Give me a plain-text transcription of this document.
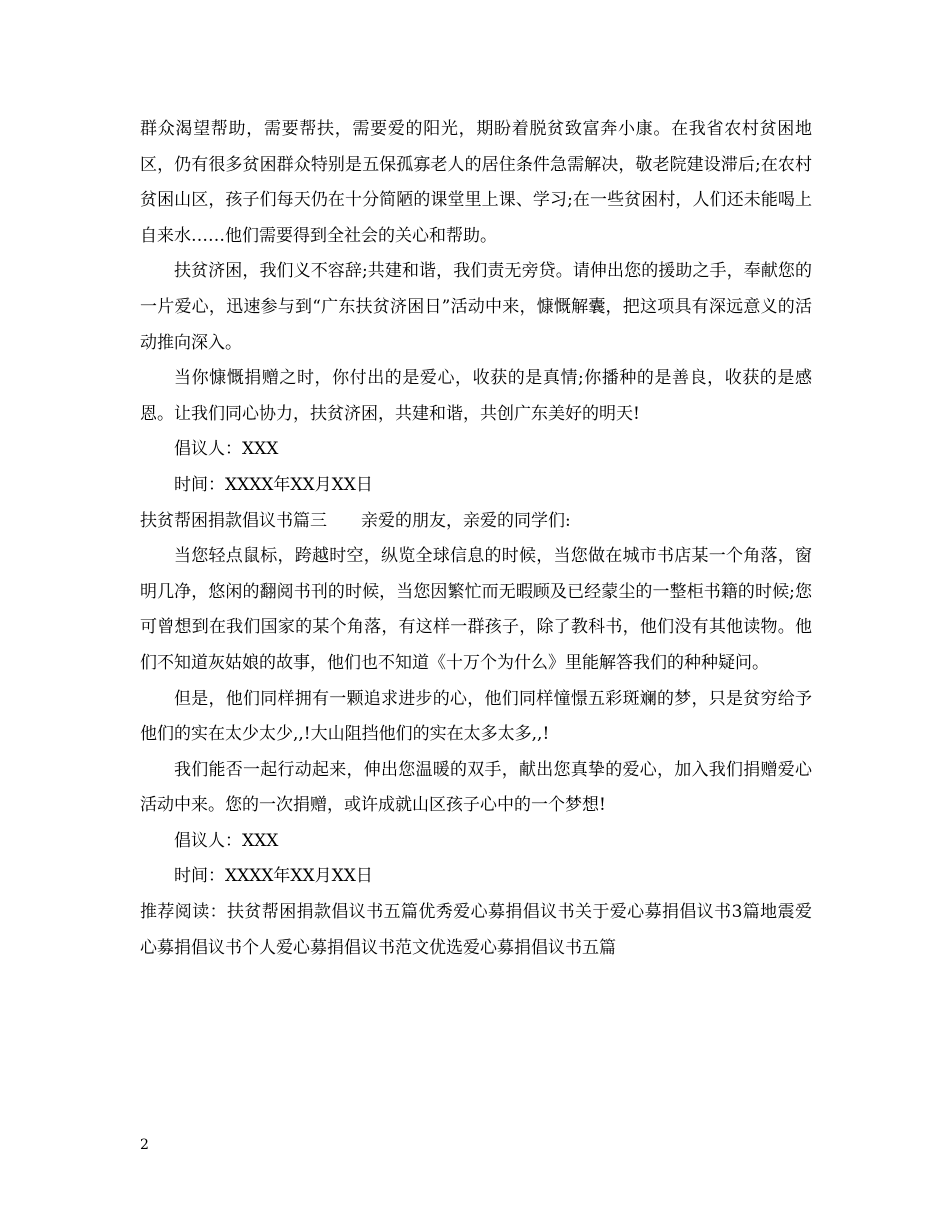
群众渴望帮助，需要帮扶，需要爱的阳光，期盼着脱贫致富奔小康。在我省农村贫困地区，仍有很多贫困群众特别是五保孤寡老人的居住条件急需解决，敬老院建设滞后;在农村贫困山区，孩子们每天仍在十分简陋的课堂里上课、学习;在一些贫困村，人们还未能喝上自来水……他们需要得到全社会的关心和帮助。

扶贫济困，我们义不容辞;共建和谐，我们责无旁贷。请伸出您的援助之手，奉献您的一片爱心，迅速参与到“广东扶贫济困日”活动中来，慷慨解囊，把这项具有深远意义的活动推向深入。

当你慷慨捐赠之时，你付出的是爱心，收获的是真情;你播种的是善良，收获的是感恩。让我们同心协力，扶贫济困，共建和谐，共创广东美好的明天!

倡议人：XXX

时间：XXXX年XX月XX日

扶贫帮困捐款倡议书篇三　　亲爱的朋友，亲爱的同学们:

当您轻点鼠标，跨越时空，纵览全球信息的时候，当您做在城市书店某一个角落，窗明几净，悠闲的翻阅书刊的时候，当您因繁忙而无暇顾及已经蒙尘的一整柜书籍的时候;您可曾想到在我们国家的某个角落，有这样一群孩子，除了教科书，他们没有其他读物。他们不知道灰姑娘的故事，他们也不知道《十万个为什么》里能解答我们的种种疑问。

但是，他们同样拥有一颗追求进步的心，他们同样憧憬五彩斑斓的梦，只是贫穷给予他们的实在太少太少,,!大山阻挡他们的实在太多太多,,!

我们能否一起行动起来，伸出您温暖的双手，献出您真挚的爱心，加入我们捐赠爱心活动中来。您的一次捐赠，或许成就山区孩子心中的一个梦想!

倡议人：XXX

时间：XXXX年XX月XX日

推荐阅读：扶贫帮困捐款倡议书五篇优秀爱心募捐倡议书关于爱心募捐倡议书3篇地震爱心募捐倡议书个人爱心募捐倡议书范文优选爱心募捐倡议书五篇

2
